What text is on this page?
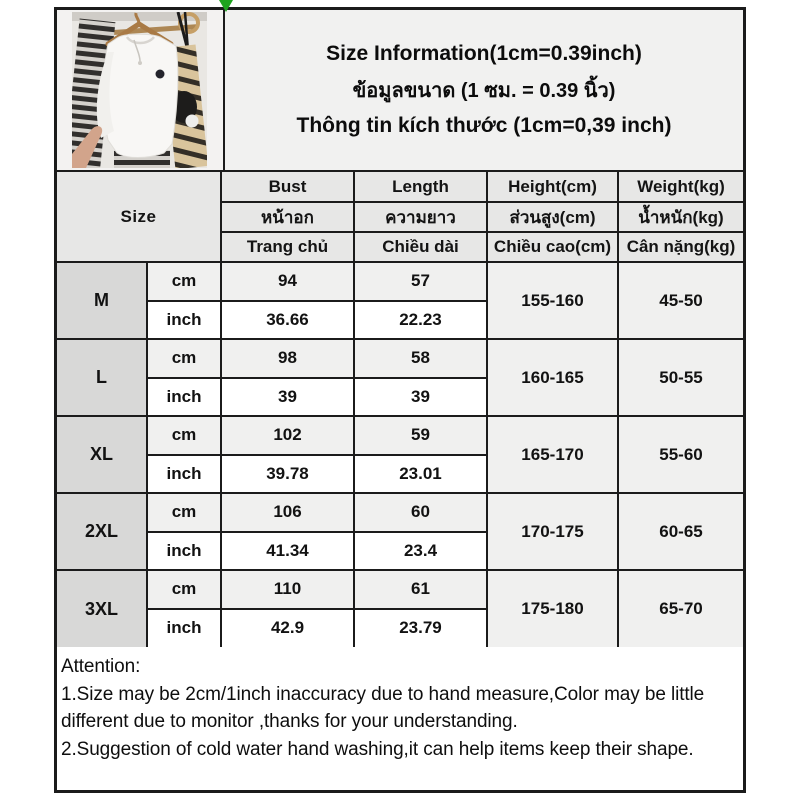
Size Information(1cm=0.39inch)
ข้อมูลขนาด (1 ซม. = 0.39 นิ้ว)
Thông tin kích thước (1cm=0,39 inch)
Size		Bust	Length	Height(cm)	Weight(kg)
		หน้าอก	ความยาว	ส่วนสูง(cm)	น้ำหนัก(kg)
		Trang chủ	Chiều dài	Chiều cao(cm)	Cân nặng(kg)
M	cm	94	57	155-160	45-50
	inch	36.66	22.23		
L	cm	98	58	160-165	50-55
	inch	39	39		
XL	cm	102	59	165-170	55-60
	inch	39.78	23.01		
2XL	cm	106	60	170-175	60-65
	inch	41.34	23.4		
3XL	cm	110	61	175-180	65-70
	inch	42.9	23.79		
Attention:
1.Size may be 2cm/1inch inaccuracy due to hand measure,Color may be little different due to monitor ,thanks for your understanding.
2.Suggestion of cold water hand washing,it can help items keep their shape.
